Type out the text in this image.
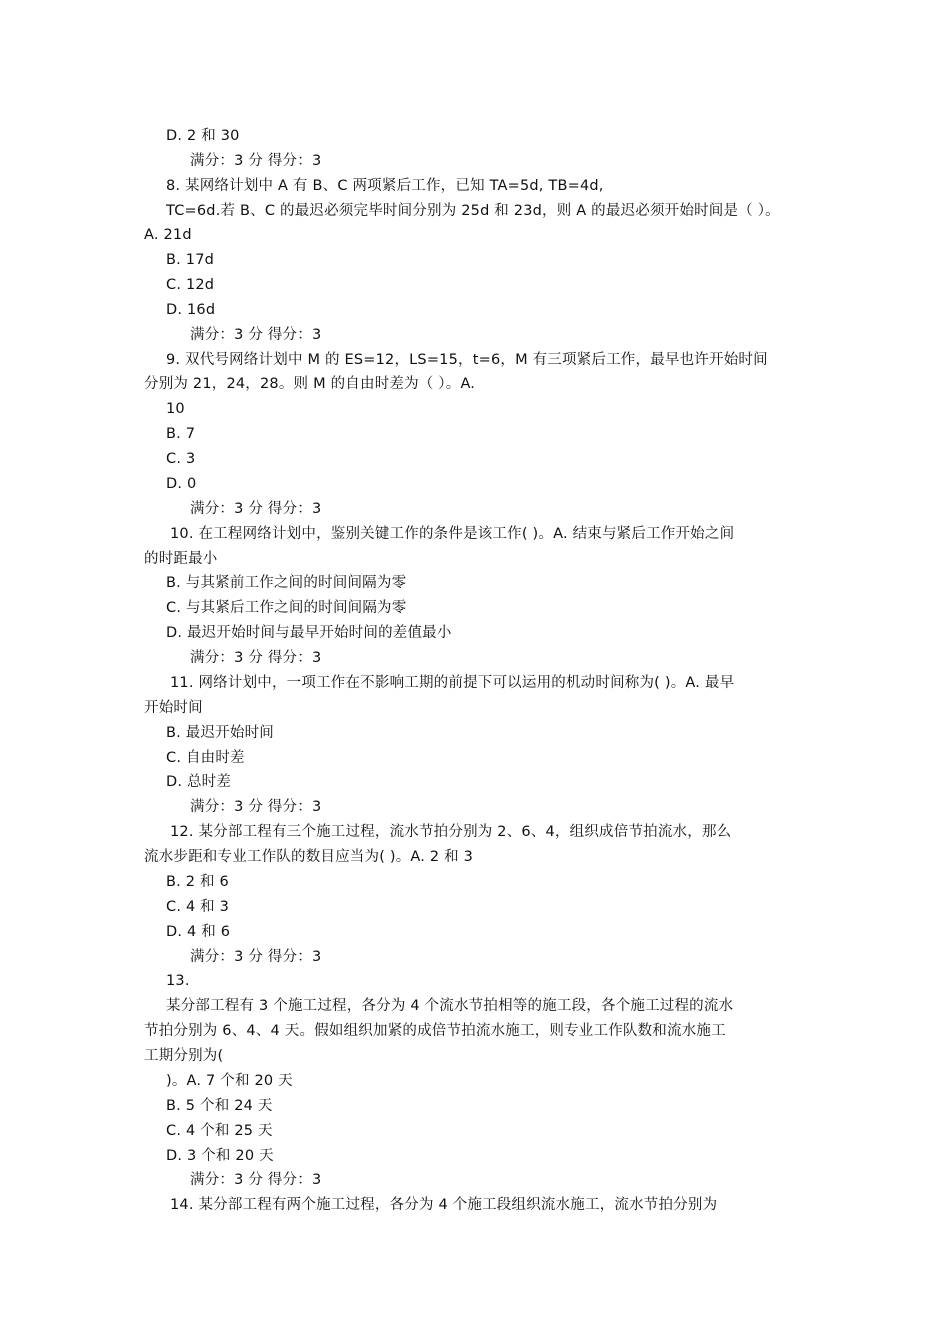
D. 2 和 30
满分：3 分 得分：3
8. 某网络计划中 A 有 B、C 两项紧后工作，已知 TA=5d, TB=4d,
TC=6d.若 B、C 的最迟必须完毕时间分别为 25d 和 23d，则 A 的最迟必须开始时间是（ ）。
A. 21d
B. 17d
C. 12d
D. 16d
满分：3 分 得分：3
9. 双代号网络计划中 M 的 ES=12，LS=15，t=6，M 有三项紧后工作，最早也许开始时间
分别为 21，24，28。则 M 的自由时差为（ ）。A.
10
B. 7
C. 3
D. 0
满分：3 分 得分：3
10. 在工程网络计划中，鉴别关键工作的条件是该工作( )。A. 结束与紧后工作开始之间
的时距最小
B. 与其紧前工作之间的时间间隔为零
C. 与其紧后工作之间的时间间隔为零
D. 最迟开始时间与最早开始时间的差值最小
满分：3 分 得分：3
11. 网络计划中，一项工作在不影响工期的前提下可以运用的机动时间称为( )。A. 最早
开始时间
B. 最迟开始时间
C. 自由时差
D. 总时差
满分：3 分 得分：3
12. 某分部工程有三个施工过程，流水节拍分别为 2、6、4，组织成倍节拍流水，那么
流水步距和专业工作队的数目应当为( )。A. 2 和 3
B. 2 和 6
C. 4 和 3
D. 4 和 6
满分：3 分 得分：3
13.
某分部工程有 3 个施工过程，各分为 4 个流水节拍相等的施工段，各个施工过程的流水
节拍分别为 6、4、4 天。假如组织加紧的成倍节拍流水施工，则专业工作队数和流水施工
工期分别为(
)。A. 7 个和 20 天
B. 5 个和 24 天
C. 4 个和 25 天
D. 3 个和 20 天
满分：3 分 得分：3
14. 某分部工程有两个施工过程，各分为 4 个施工段组织流水施工，流水节拍分别为
